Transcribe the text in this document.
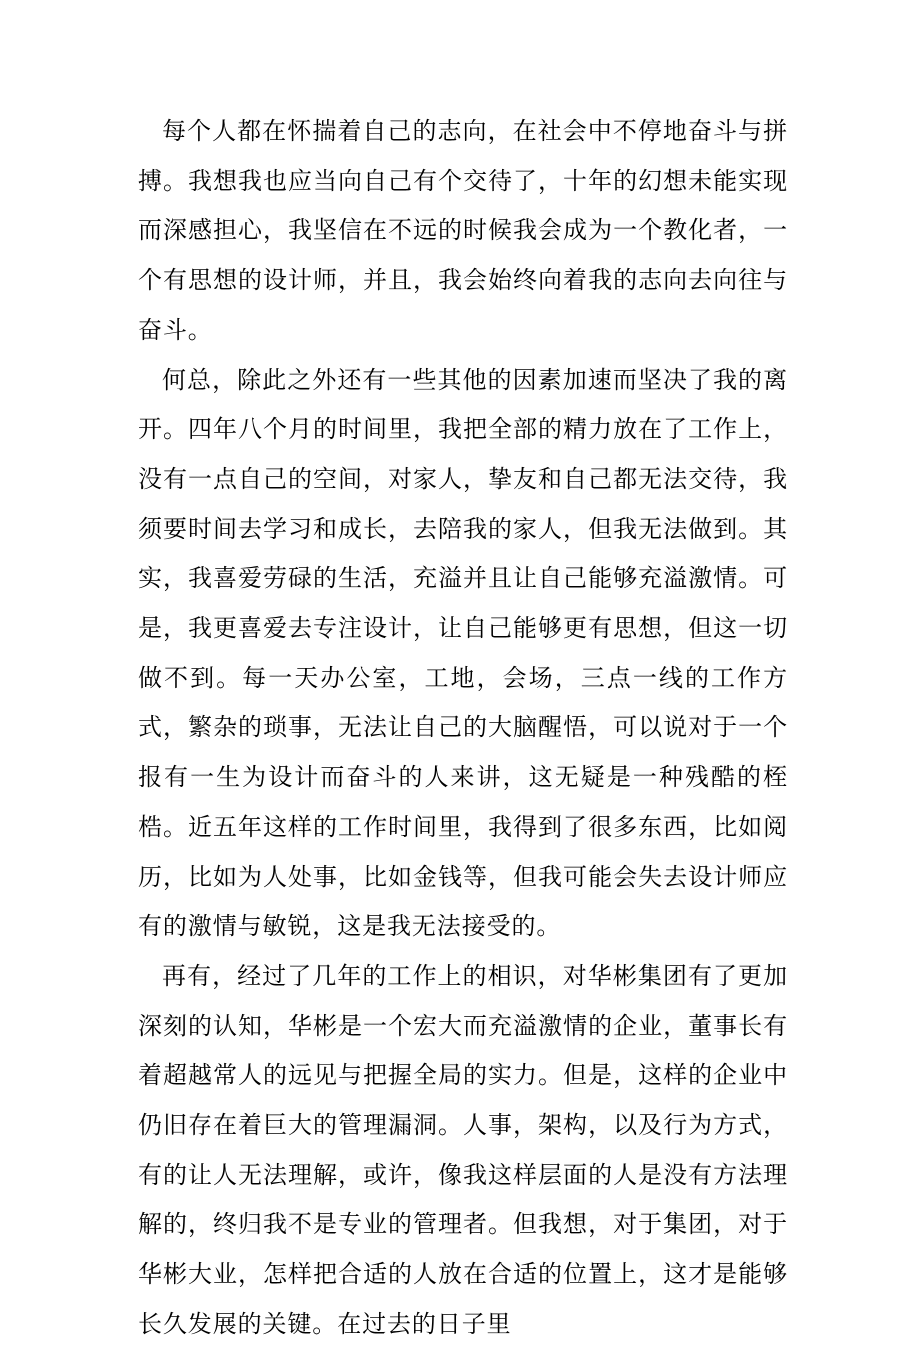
每个人都在怀揣着自己的志向，在社会中不停地奋斗与拼搏。我想我也应当向自己有个交待了，十年的幻想未能实现而深感担心，我坚信在不远的时候我会成为一个教化者，一个有思想的设计师，并且，我会始终向着我的志向去向往与奋斗。

何总，除此之外还有一些其他的因素加速而坚决了我的离开。四年八个月的时间里，我把全部的精力放在了工作上，没有一点自己的空间，对家人，挚友和自己都无法交待，我须要时间去学习和成长，去陪我的家人，但我无法做到。其实，我喜爱劳碌的生活，充溢并且让自己能够充溢激情。可是，我更喜爱去专注设计，让自己能够更有思想，但这一切做不到。每一天办公室，工地，会场，三点一线的工作方式，繁杂的琐事，无法让自己的大脑醒悟，可以说对于一个报有一生为设计而奋斗的人来讲，这无疑是一种残酷的桎梏。近五年这样的工作时间里，我得到了很多东西，比如阅历，比如为人处事，比如金钱等，但我可能会失去设计师应有的激情与敏锐，这是我无法接受的。

再有，经过了几年的工作上的相识，对华彬集团有了更加深刻的认知，华彬是一个宏大而充溢激情的企业，董事长有着超越常人的远见与把握全局的实力。但是，这样的企业中仍旧存在着巨大的管理漏洞。人事，架构，以及行为方式，有的让人无法理解，或许，像我这样层面的人是没有方法理解的，终归我不是专业的管理者。但我想，对于集团，对于华彬大业，怎样把合适的人放在合适的位置上，这才是能够长久发展的关键。在过去的日子里
